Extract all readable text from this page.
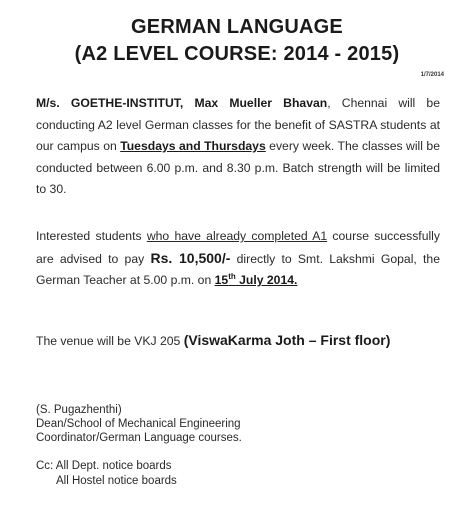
GERMAN LANGUAGE
(A2 LEVEL COURSE: 2014 - 2015)
1/7/2014
M/s. GOETHE-INSTITUT, Max Mueller Bhavan, Chennai will be conducting A2 level German classes for the benefit of SASTRA students at our campus on Tuesdays and Thursdays every week. The classes will be conducted between 6.00 p.m. and 8.30 p.m. Batch strength will be limited to 30.
Interested students who have already completed A1 course successfully are advised to pay Rs. 10,500/- directly to Smt. Lakshmi Gopal, the German Teacher at 5.00 p.m. on 15th July 2014.
The venue will be VKJ 205 (ViswaKarma Joth – First floor)
(S. Pugazhenthi)
Dean/School of Mechanical Engineering
Coordinator/German Language courses.
Cc: All Dept. notice boards
All Hostel notice boards
